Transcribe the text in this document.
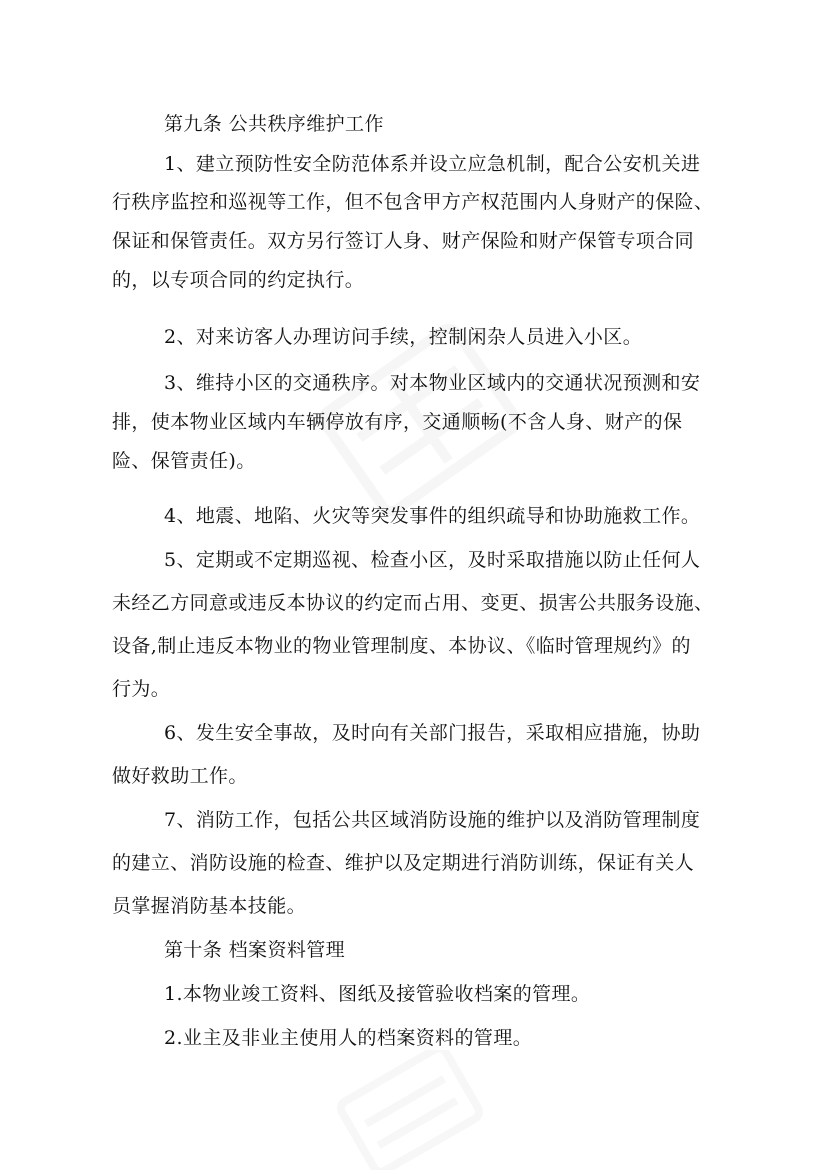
第九条 公共秩序维护工作
1、建立预防性安全防范体系并设立应急机制，配合公安机关进
行秩序监控和巡视等工作，但不包含甲方产权范围内人身财产的保险、
保证和保管责任。双方另行签订人身、财产保险和财产保管专项合同
的，以专项合同的约定执行。
2、对来访客人办理访问手续，控制闲杂人员进入小区。
3、维持小区的交通秩序。对本物业区域内的交通状况预测和安
排，使本物业区域内车辆停放有序，交通顺畅(不含人身、财产的保
险、保管责任)。
4、地震、地陷、火灾等突发事件的组织疏导和协助施救工作。
5、定期或不定期巡视、检查小区，及时采取措施以防止任何人
未经乙方同意或违反本协议的约定而占用、变更、损害公共服务设施、
设备,制止违反本物业的物业管理制度、本协议、《临时管理规约》的
行为。
6、发生安全事故，及时向有关部门报告，采取相应措施，协助
做好救助工作。
7、消防工作，包括公共区域消防设施的维护以及消防管理制度
的建立、消防设施的检查、维护以及定期进行消防训练，保证有关人
员掌握消防基本技能。
第十条 档案资料管理
1.本物业竣工资料、图纸及接管验收档案的管理。
2.业主及非业主使用人的档案资料的管理。
